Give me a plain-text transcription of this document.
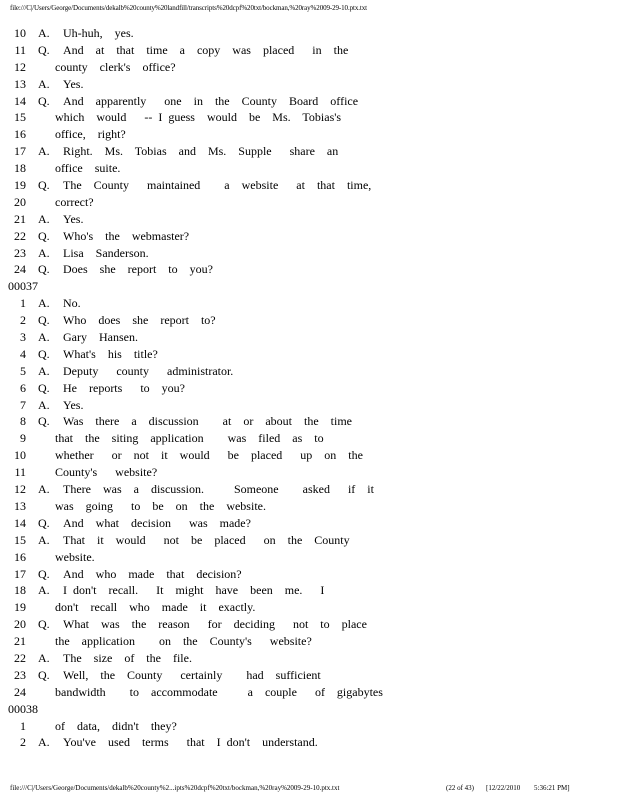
file:///C|/Users/George/Documents/dekalb%20county%20landfill/transcripts%20dcpf%20txt/bockman,%20ray%2009-29-10.ptx.txt
10 A. Uh-huh,  yes.
11 Q. And  at  that  time  a  copy  was  placed   in  the
12 county  clerk's  office?
13 A. Yes.
14 Q. And  apparently   one  in  the  County  Board  office
15 which  would   -- I guess  would  be  Ms.  Tobias's
16 office,  right?
17 A. Right.  Ms.  Tobias  and  Ms.  Supple   share  an
18 office  suite.
19 Q. The  County   maintained    a  website   at  that  time,
20 correct?
21 A. Yes.
22 Q. Who's  the  webmaster?
23 A. Lisa  Sanderson.
24 Q. Does  she  report  to  you?
00037
1 A. No.
2 Q. Who  does  she  report  to?
3 A. Gary  Hansen.
4 Q. What's  his  title?
5 A. Deputy   county   administrator.
6 Q. He  reports   to  you?
7 A. Yes.
8 Q. Was  there  a  discussion    at  or  about  the  time
9 that  the  siting  application    was  filed  as  to
10 whether   or  not  it  would   be  placed   up  on  the
11 County's   website?
12 A. There  was  a  discussion.     Someone    asked   if  it
13 was  going   to  be  on  the  website.
14 Q. And  what  decision   was  made?
15 A. That  it  would   not  be  placed   on  the  County
16 website.
17 Q. And  who  made  that  decision?
18 A. I don't  recall.   It  might  have  been  me.   I
19 don't  recall  who  made  it  exactly.
20 Q. What  was  the  reason   for  deciding   not  to  place
21 the  application    on  the  County's   website?
22 A. The  size  of  the  file.
23 Q. Well,  the  County   certainly    had  sufficient
24 bandwidth    to  accommodate     a  couple   of  gigabytes
00038
1 of  data,  didn't  they?
2 A. You've  used  terms   that  I don't  understand.
file:///C|/Users/George/Documents/dekalb%20county%2...ipts%20dcpf%20txt/bockman,%20ray%2009-29-10.ptx.txt	(22 of 43) [12/22/2010 5:36:21 PM]
